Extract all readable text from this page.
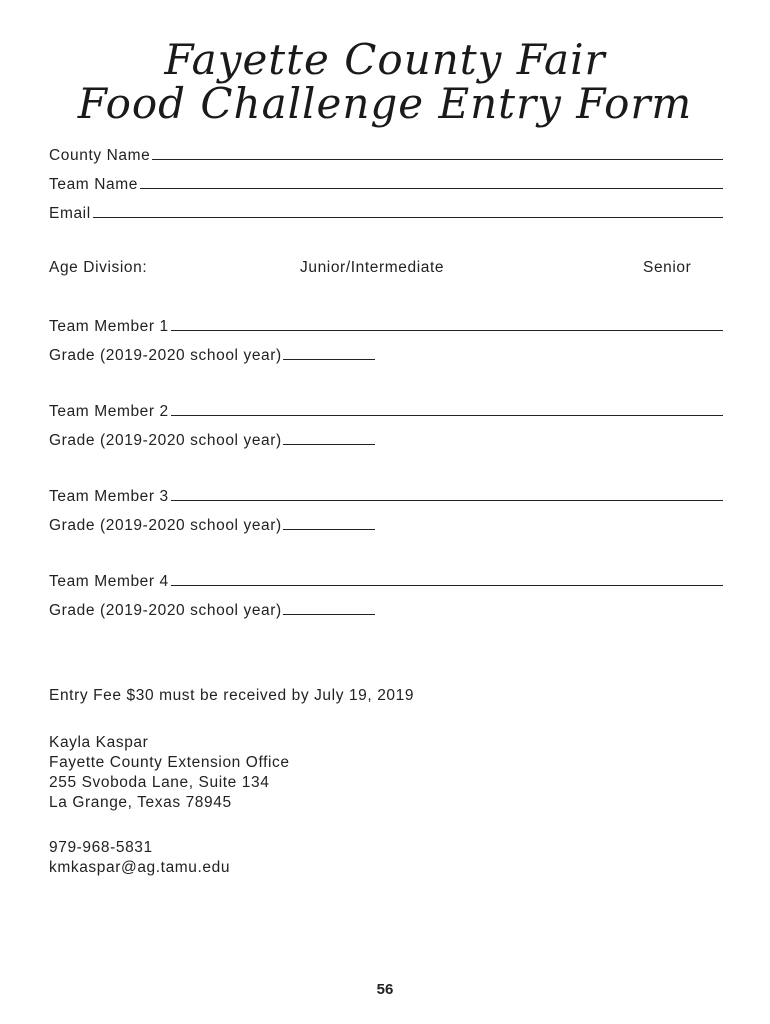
Fayette County Fair
Food Challenge Entry Form
County Name
Team Name
Email
Age Division:	Junior/Intermediate	Senior
Team Member 1
Grade (2019-2020 school year)
Team Member 2
Grade (2019-2020 school year)
Team Member 3
Grade (2019-2020 school year)
Team Member 4
Grade (2019-2020 school year)
Entry Fee $30 must be received by July 19, 2019
Kayla Kaspar
Fayette County Extension Office
255 Svoboda Lane, Suite 134
La Grange, Texas 78945
979-968-5831
kmkaspar@ag.tamu.edu
56
